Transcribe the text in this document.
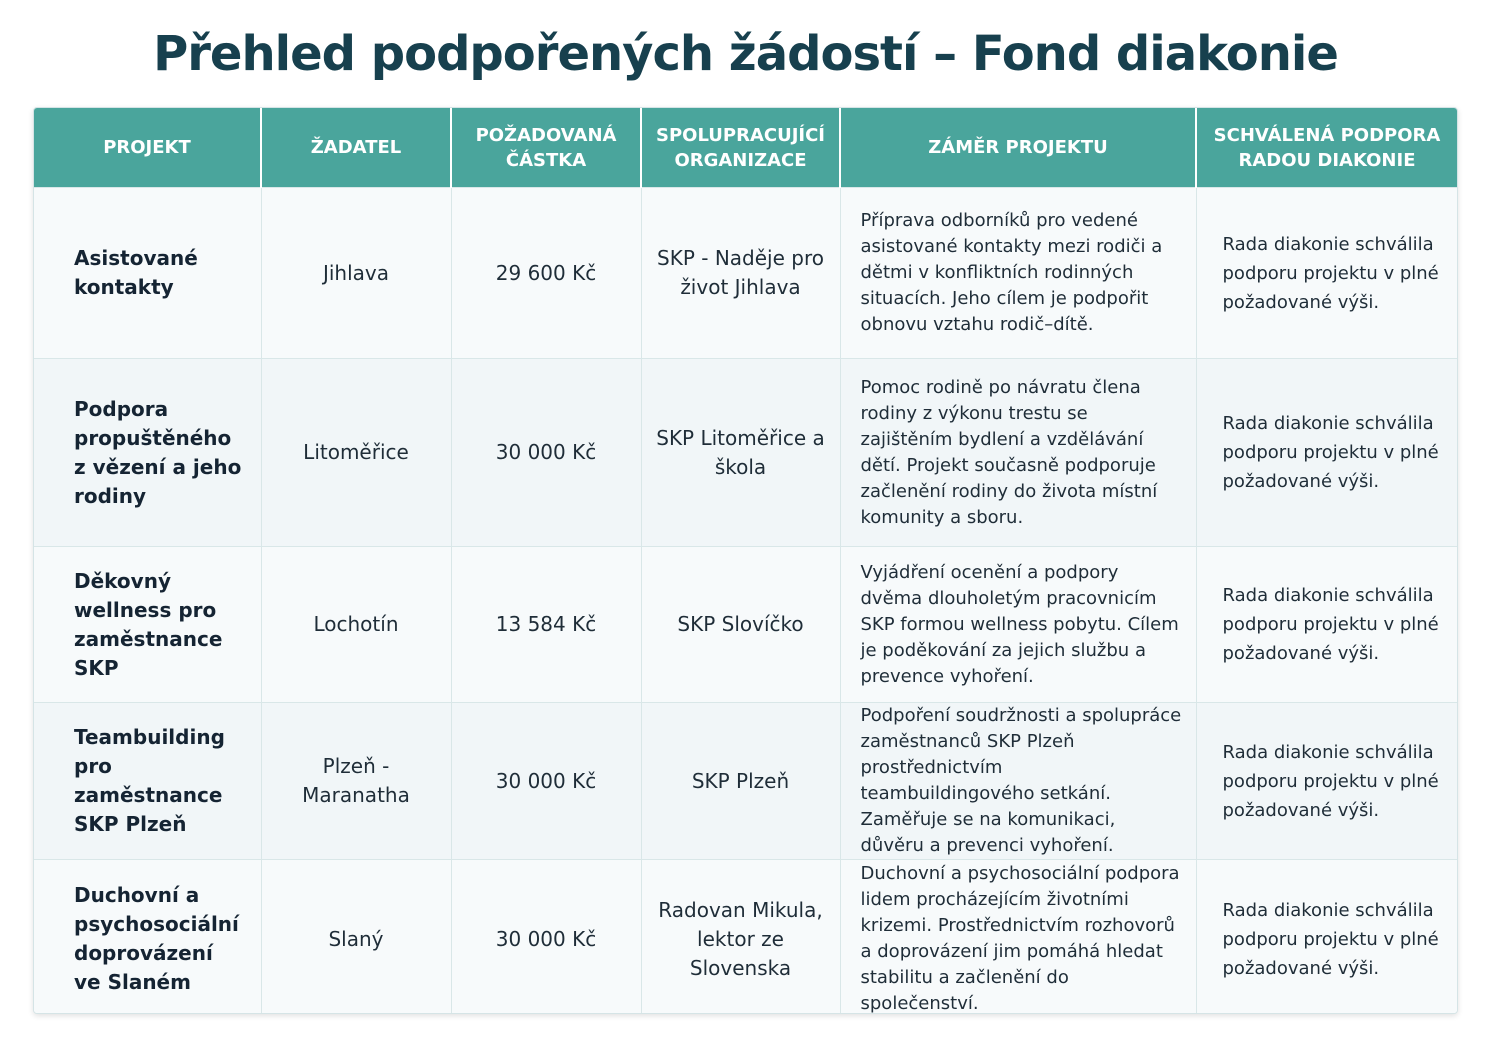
Přehled podpořených žádostí – Fond diakonie
PROJEKT	ŽADATEL	POŽADOVANÁ ČÁSTKA	SPOLUPRACUJÍCÍ ORGANIZACE	ZÁMĚR PROJEKTU	SCHVÁLENÁ PODPORA RADOU DIAKONIE
Asistované kontakty	Jihlava	29 600 Kč	SKP - Naděje pro život Jihlava	Příprava odborníků pro vedené asistované kontakty mezi rodiči a dětmi v konfliktních rodinných situacích. Jeho cílem je podpořit obnovu vztahu rodič–dítě.	Rada diakonie schválila podporu projektu v plné požadované výši.
Podpora propuštěného z vězení a jeho rodiny	Litoměřice	30 000 Kč	SKP Litoměřice a škola	Pomoc rodině po návratu člena rodiny z výkonu trestu se zajištěním bydlení a vzdělávání dětí. Projekt současně podporuje začlenění rodiny do života místní komunity a sboru.	Rada diakonie schválila podporu projektu v plné požadované výši.
Děkovný wellness pro zaměstnance SKP	Lochotín	13 584 Kč	SKP Slovíčko	Vyjádření ocenění a podpory dvěma dlouholetým pracovnicím SKP formou wellness pobytu. Cílem je poděkování za jejich službu a prevence vyhoření.	Rada diakonie schválila podporu projektu v plné požadované výši.
Teambuilding pro zaměstnance SKP Plzeň	Plzeň - Maranatha	30 000 Kč	SKP Plzeň	Podpoření soudržnosti a spolupráce zaměstnanců SKP Plzeň prostřednictvím teambuildingového setkání. Zaměřuje se na komunikaci, důvěru a prevenci vyhoření.	Rada diakonie schválila podporu projektu v plné požadované výši.
Duchovní a psychosociální doprovázení ve Slaném	Slaný	30 000 Kč	Radovan Mikula, lektor ze Slovenska	Duchovní a psychosociální podpora lidem procházejícím životními krizemi. Prostřednictvím rozhovorů a doprovázení jim pomáhá hledat stabilitu a začlenění do společenství.	Rada diakonie schválila podporu projektu v plné požadované výši.
